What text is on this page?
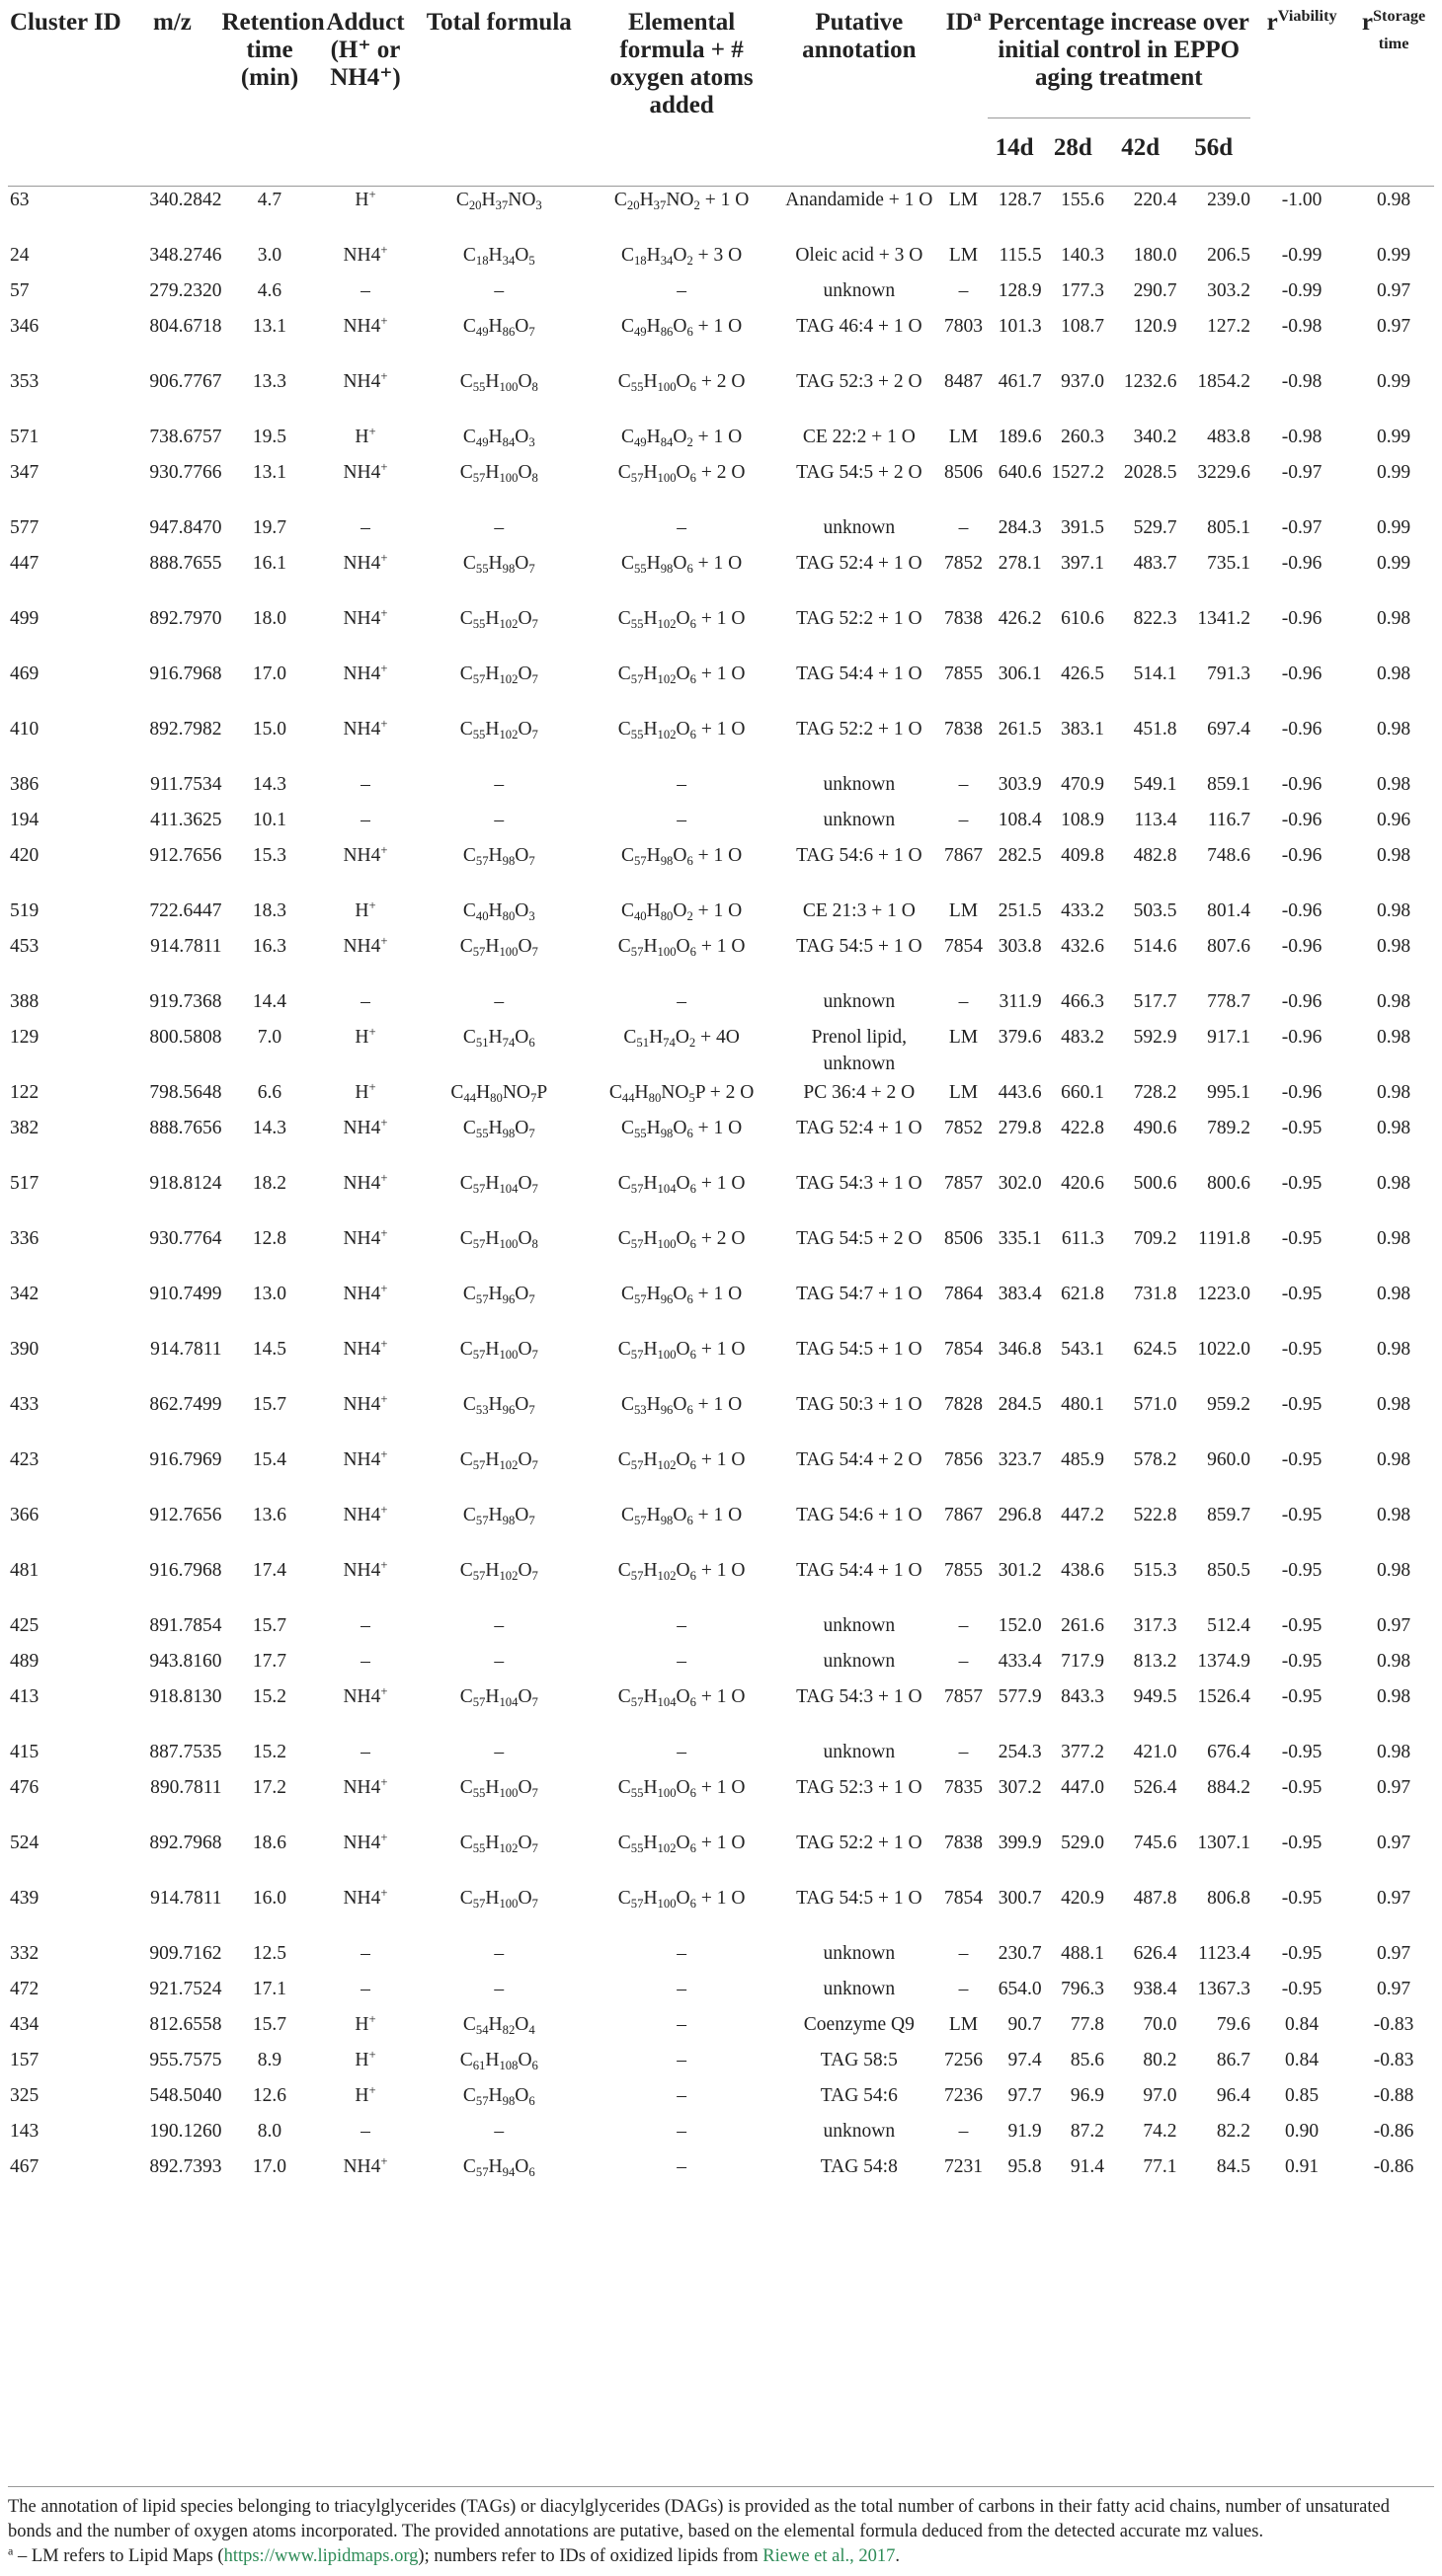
Cluster ID	m/z	Retention time (min)	Adduct (H⁺ or NH4⁺)	Total formula	Elemental formula + # oxygen atoms added	Putative annotation	$ID^a$	Percentage increase over initial control in EPPO aging treatment				$r^{Viability}$	$r^{Storage time}$
								14d	28d	42d	56d		
63	340.2842	4.7	H+	$C_{20}H_{37}NO_3$	$C_{20}H_{37}NO_2 + 1$ O	Anandamide + 1 O	LM	128.7	155.6	220.4	239.0	-1.00	0.98
24	348.2746	3.0	NH4+	$C_{18}H_{34}O_5$	$C_{18}H_{34}O_2 + 3$ O	Oleic acid + 3 O	LM	115.5	140.3	180.0	206.5	-0.99	0.99
57	279.2320	4.6	–	–	–	unknown	–	128.9	177.3	290.7	303.2	-0.99	0.97
346	804.6718	13.1	NH4+	$C_{49}H_{86}O_7$	$C_{49}H_{86}O_6 + 1$ O	TAG 46:4 + 1 O	7803	101.3	108.7	120.9	127.2	-0.98	0.97
353	906.7767	13.3	NH4+	$C_{55}H_{100}O_8$	$C_{55}H_{100}O_6 + 2$ O	TAG 52:3 + 2 O	8487	461.7	937.0	1232.6	1854.2	-0.98	0.99
571	738.6757	19.5	H+	$C_{49}H_{84}O_3$	$C_{49}H_{84}O_2 + 1$ O	CE 22:2 + 1 O	LM	189.6	260.3	340.2	483.8	-0.98	0.99
347	930.7766	13.1	NH4+	$C_{57}H_{100}O_8$	$C_{57}H_{100}O_6 + 2$ O	TAG 54:5 + 2 O	8506	640.6	1527.2	2028.5	3229.6	-0.97	0.99
577	947.8470	19.7	–	–	–	unknown	–	284.3	391.5	529.7	805.1	-0.97	0.99
447	888.7655	16.1	NH4+	$C_{55}H_{98}O_7$	$C_{55}H_{98}O_6 + 1$ O	TAG 52:4 + 1 O	7852	278.1	397.1	483.7	735.1	-0.96	0.99
499	892.7970	18.0	NH4+	$C_{55}H_{102}O_7$	$C_{55}H_{102}O_6 + 1$ O	TAG 52:2 + 1 O	7838	426.2	610.6	822.3	1341.2	-0.96	0.98
469	916.7968	17.0	NH4+	$C_{57}H_{102}O_7$	$C_{57}H_{102}O_6 + 1$ O	TAG 54:4 + 1 O	7855	306.1	426.5	514.1	791.3	-0.96	0.98
410	892.7982	15.0	NH4+	$C_{55}H_{102}O_7$	$C_{55}H_{102}O_6 + 1$ O	TAG 52:2 + 1 O	7838	261.5	383.1	451.8	697.4	-0.96	0.98
386	911.7534	14.3	–	–	–	unknown	–	303.9	470.9	549.1	859.1	-0.96	0.98
194	411.3625	10.1	–	–	–	unknown	–	108.4	108.9	113.4	116.7	-0.96	0.96
420	912.7656	15.3	NH4+	$C_{57}H_{98}O_7$	$C_{57}H_{98}O_6 + 1$ O	TAG 54:6 + 1 O	7867	282.5	409.8	482.8	748.6	-0.96	0.98
519	722.6447	18.3	H+	$C_{40}H_{80}O_3$	$C_{40}H_{80}O_2 + 1$ O	CE 21:3 + 1 O	LM	251.5	433.2	503.5	801.4	-0.96	0.98
453	914.7811	16.3	NH4+	$C_{57}H_{100}O_7$	$C_{57}H_{100}O_6 + 1$ O	TAG 54:5 + 1 O	7854	303.8	432.6	514.6	807.6	-0.96	0.98
388	919.7368	14.4	–	–	–	unknown	–	311.9	466.3	517.7	778.7	-0.96	0.98
129	800.5808	7.0	H+	$C_{51}H_{74}O_6$	$C_{51}H_{74}O_2 + 4O$	Prenol lipid, unknown	LM	379.6	483.2	592.9	917.1	-0.96	0.98
122	798.5648	6.6	H+	$C_{44}H_{80}NO_7P$	$C_{44}H_{80}NO_5P + 2$ O	PC 36:4 + 2 O	LM	443.6	660.1	728.2	995.1	-0.96	0.98
382	888.7656	14.3	NH4+	$C_{55}H_{98}O_7$	$C_{55}H_{98}O_6 + 1$ O	TAG 52:4 + 1 O	7852	279.8	422.8	490.6	789.2	-0.95	0.98
517	918.8124	18.2	NH4+	$C_{57}H_{104}O_7$	$C_{57}H_{104}O_6 + 1$ O	TAG 54:3 + 1 O	7857	302.0	420.6	500.6	800.6	-0.95	0.98
336	930.7764	12.8	NH4+	$C_{57}H_{100}O_8$	$C_{57}H_{100}O_6 + 2$ O	TAG 54:5 + 2 O	8506	335.1	611.3	709.2	1191.8	-0.95	0.98
342	910.7499	13.0	NH4+	$C_{57}H_{96}O_7$	$C_{57}H_{96}O_6 + 1$ O	TAG 54:7 + 1 O	7864	383.4	621.8	731.8	1223.0	-0.95	0.98
390	914.7811	14.5	NH4+	$C_{57}H_{100}O_7$	$C_{57}H_{100}O_6 + 1$ O	TAG 54:5 + 1 O	7854	346.8	543.1	624.5	1022.0	-0.95	0.98
433	862.7499	15.7	NH4+	$C_{53}H_{96}O_7$	$C_{53}H_{96}O_6 + 1$ O	TAG 50:3 + 1 O	7828	284.5	480.1	571.0	959.2	-0.95	0.98
423	916.7969	15.4	NH4+	$C_{57}H_{102}O_7$	$C_{57}H_{102}O_6 + 1$ O	TAG 54:4 + 2 O	7856	323.7	485.9	578.2	960.0	-0.95	0.98
366	912.7656	13.6	NH4+	$C_{57}H_{98}O_7$	$C_{57}H_{98}O_6 + 1$ O	TAG 54:6 + 1 O	7867	296.8	447.2	522.8	859.7	-0.95	0.98
481	916.7968	17.4	NH4+	$C_{57}H_{102}O_7$	$C_{57}H_{102}O_6 + 1$ O	TAG 54:4 + 1 O	7855	301.2	438.6	515.3	850.5	-0.95	0.98
425	891.7854	15.7	–	–	–	unknown	–	152.0	261.6	317.3	512.4	-0.95	0.97
489	943.8160	17.7	–	–	–	unknown	–	433.4	717.9	813.2	1374.9	-0.95	0.98
413	918.8130	15.2	NH4+	$C_{57}H_{104}O_7$	$C_{57}H_{104}O_6 + 1$ O	TAG 54:3 + 1 O	7857	577.9	843.3	949.5	1526.4	-0.95	0.98
415	887.7535	15.2	–	–	–	unknown	–	254.3	377.2	421.0	676.4	-0.95	0.98
476	890.7811	17.2	NH4+	$C_{55}H_{100}O_7$	$C_{55}H_{100}O_6 + 1$ O	TAG 52:3 + 1 O	7835	307.2	447.0	526.4	884.2	-0.95	0.97
524	892.7968	18.6	NH4+	$C_{55}H_{102}O_7$	$C_{55}H_{102}O_6 + 1$ O	TAG 52:2 + 1 O	7838	399.9	529.0	745.6	1307.1	-0.95	0.97
439	914.7811	16.0	NH4+	$C_{57}H_{100}O_7$	$C_{57}H_{100}O_6 + 1$ O	TAG 54:5 + 1 O	7854	300.7	420.9	487.8	806.8	-0.95	0.97
332	909.7162	12.5	–	–	–	unknown	–	230.7	488.1	626.4	1123.4	-0.95	0.97
472	921.7524	17.1	–	–	–	unknown	–	654.0	796.3	938.4	1367.3	-0.95	0.97
434	812.6558	15.7	H+	$C_{54}H_{82}O_4$	–	Coenzyme Q9	LM	90.7	77.8	70.0	79.6	0.84	-0.83
157	955.7575	8.9	H+	$C_{61}H_{108}O_6$	–	TAG 58:5	7256	97.4	85.6	80.2	86.7	0.84	-0.83
325	548.5040	12.6	H+	$C_{57}H_{98}O_6$	–	TAG 54:6	7236	97.7	96.9	97.0	96.4	0.85	-0.88
143	190.1260	8.0	–	–	–	unknown	–	91.9	87.2	74.2	82.2	0.90	-0.86
467	892.7393	17.0	NH4+	$C_{57}H_{94}O_6$	–	TAG 54:8	7231	95.8	91.4	77.1	84.5	0.91	-0.86

The annotation of lipid species belonging to triacylglycerides (TAGs) or diacylglycerides (DAGs) is provided as the total number of carbons in their fatty acid chains, number of unsaturated bonds and the number of oxygen atoms incorporated. The provided annotations are putative, based on the elemental formula deduced from the detected accurate mz values.

$^a$ – LM refers to Lipid Maps (https://www.lipidmaps.org); numbers refer to IDs of oxidized lipids from Riewe et al., 2017.
